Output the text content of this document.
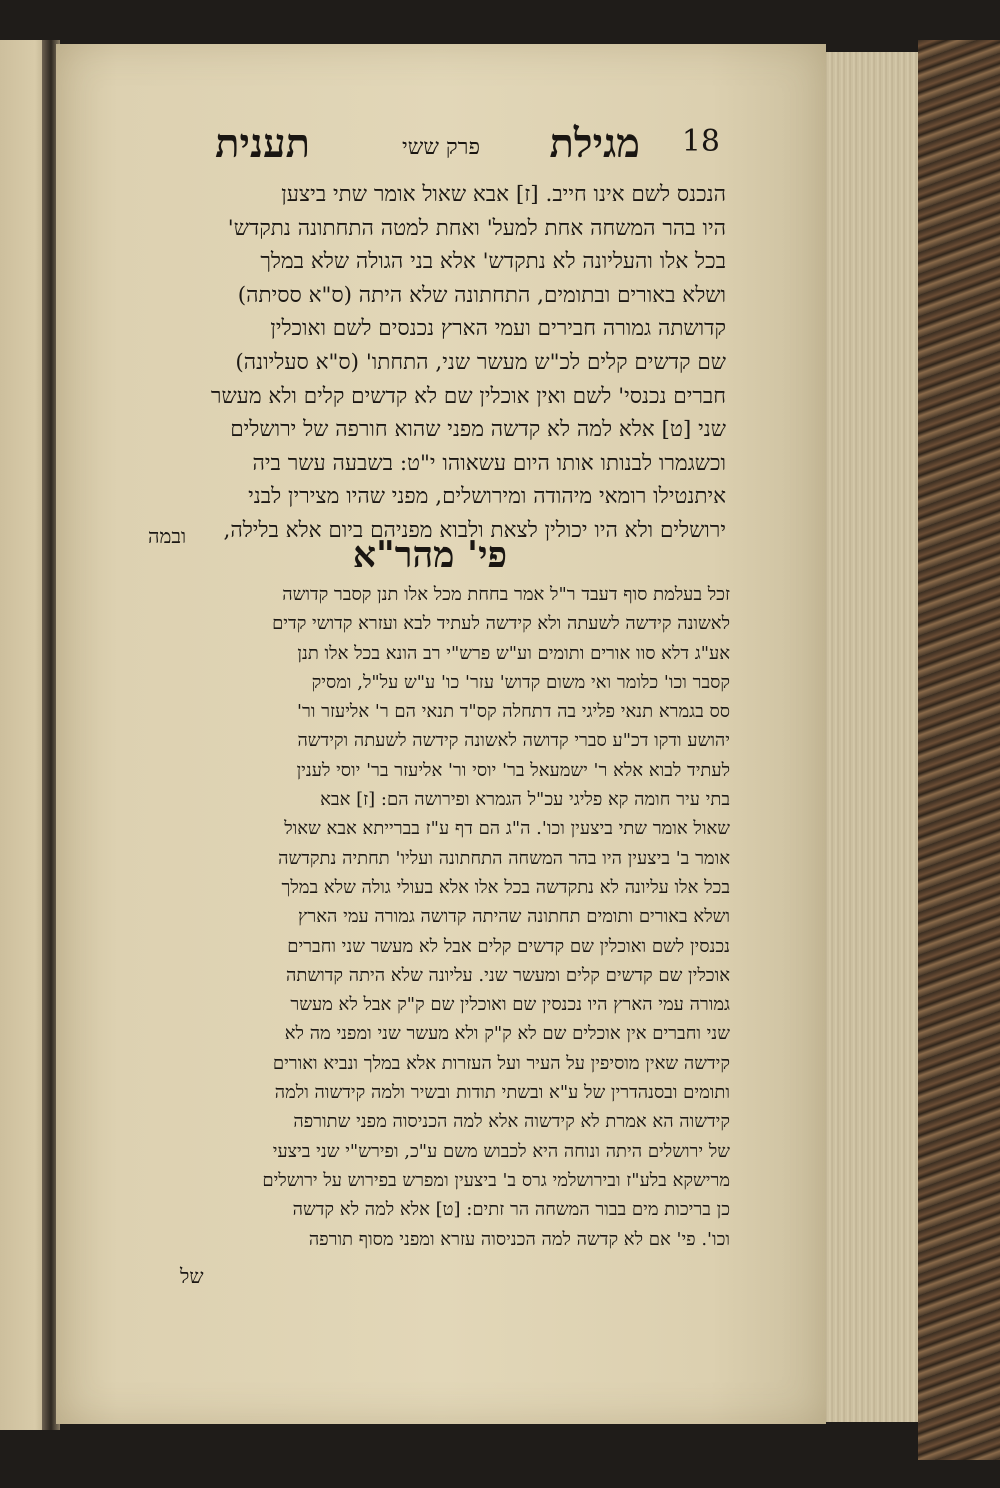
18
מגילת
פרק ששי
תענית
הנכנס לשם אינו חייב. [ז] אבא שאול אומר שתי ביצען
היו בהר המשחה אחת למעל' ואחת למטה התחתונה נתקדש'
בכל אלו והעליונה לא נתקדש' אלא בני הגולה שלא במלך
ושלא באורים ובתומים, התחתונה שלא היתה (ס"א ססיתה)
קדושתה גמורה חבירים ועמי הארץ נכנסים לשם ואוכלין
שם קדשים קלים לכ"ש מעשר שני, התחתו' (ס"א סעליונה)
חברים נכנסי' לשם ואין אוכלין שם לא קדשים קלים ולא מעשר
שני [ט] אלא למה לא קדשה מפני שהוא חורפה של ירושלים
וכשגמרו לבנותו אותו היום עשאוהו י"ט: בשבעה עשר ביה
איתנטילו רומאי מיהודה ומירושלים, מפני שהיו מצירין לבני
ירושלים ולא היו יכולין לצאת ולבוא מפניהם ביום אלא בלילה,
ובמה	פי' מהר"א
זכל בעלמת סוף דעבד ר"ל אמר בחחת מכל אלו תנן קסבר קדושה
לאשונה קידשה לשעתה ולא קידשה לעתיד לבא ועזרא קדושי קדים
אע"ג דלא סוו אורים ותומים וע"ש פרש"י רב הונא בכל אלו תנן
קסבר וכו' כלומר ואי משום קדוש' עזר' כו' ע"ש על"ל, ומסיק
סס בגמרא תנאי פליגי בה דתחלה קס"ד תנאי הם ר' אליעזר ור'
יהושע ודקו דכ"ע סברי קדושה לאשונה קידשה לשעתה וקידשה
לעתיד לבוא אלא ר' ישמעאל בר' יוסי ור' אליעזר בר' יוסי לענין
בתי עיר חומה קא פליגי עכ"ל הגמרא ופירושה הם: [ז] אבא
שאול אומר שתי ביצעין וכו'. ה"ג הם דף ע"ז בברייתא אבא שאול
אומר ב' ביצעין היו בהר המשחה התחתונה ועליו' תחתיה נתקדשה
בכל אלו עליונה לא נתקדשה בכל אלו אלא בעולי גולה שלא במלך
ושלא באורים ותומים תחתונה שהיתה קדושה גמורה עמי הארץ
נכנסין לשם ואוכלין שם קדשים קלים אבל לא מעשר שני וחברים
אוכלין שם קדשים קלים ומעשר שני. עליונה שלא היתה קדושתה
גמורה עמי הארץ היו נכנסין שם ואוכלין שם ק"ק אבל לא מעשר
שני וחברים אין אוכלים שם לא ק"ק ולא מעשר שני ומפני מה לא
קידשה שאין מוסיפין על העיר ועל העזרות אלא במלך ונביא ואורים
ותומים ובסנהדרין של ע"א ובשתי תודות ובשיר ולמה קידשוה ולמה
קידשוה הא אמרת לא קידשוה אלא למה הכניסוה מפני שתורפה
של ירושלים היתה ונוחה היא לכבוש משם ע"כ, ופירש"י שני ביצעי
מרישקא בלע"ז ובירושלמי גרס ב' ביצעין ומפרש בפירוש על ירושלים
כן בריכות מים בבור המשחה הר זתים: [ט] אלא למה לא קדשה
וכו'. פי' אם לא קדשה למה הכניסוה עזרא ומפני מסוף תורפה
של
